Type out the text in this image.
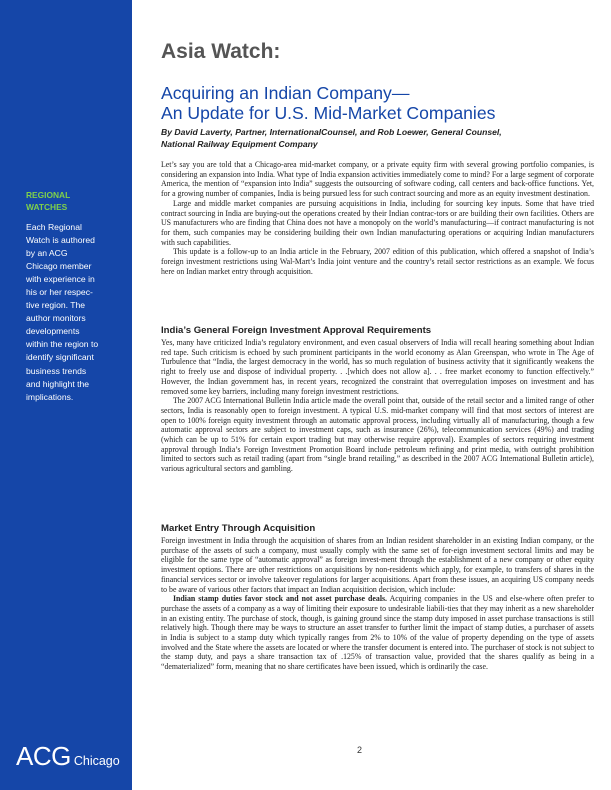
REGIONAL
WATCHES
Each Regional
Watch is authored
by an ACG
Chicago member
with experience in
his or her respec-
tive region. The
author monitors
developments
within the region to
identify significant
business trends
and highlight the
implications.
ACG Chicago
Asia Watch:
Acquiring an Indian Company—
An Update for U.S. Mid-Market Companies
By David Laverty, Partner, InternationalCounsel, and Rob Loewer, General Counsel,
National Railway Equipment Company

Let’s say you are told that a Chicago-area mid-market company, or a private equity firm with several growing portfolio companies, is considering an expansion into India. What type of India expansion activities immediately come to mind? For a large segment of corporate America, the mention of “expansion into India” suggests the outsourcing of software coding, call centers and back-office functions. Yet, for a growing number of companies, India is being pursued less for such contract sourcing and more as an equity investment destination.

Large and middle market companies are pursuing acquisitions in India, including for sourcing key inputs. Some that have tried contract sourcing in India are buying-out the operations created by their Indian contrac-tors or are building their own facilities. Others are US manufacturers who are finding that China does not have a monopoly on the world’s manufacturing—if contract manufacturing is not for them, such companies may be considering building their own Indian manufacturing operations or acquiring Indian manufacturers with such capabilities.

This update is a follow-up to an India article in the February, 2007 edition of this publication, which offered a snapshot of India’s foreign investment restrictions using Wal-Mart’s India joint venture and the country’s retail sector restrictions as an example. We focus here on Indian market entry through acquisition.

India’s General Foreign Investment Approval Requirements

Yes, many have criticized India’s regulatory environment, and even casual observers of India will recall hearing something about Indian red tape. Such criticism is echoed by such prominent participants in the world economy as Alan Greenspan, who wrote in The Age of Turbulence that “India, the largest democracy in the world, has so much regulation of business activity that it significantly weakens the right to freely use and dispose of individual property. . .[which does not allow a]. . . free market economy to function effectively.” However, the Indian government has, in recent years, recognized the constraint that overregulation imposes on investment and has removed some key barriers, including many foreign investment restrictions.

The 2007 ACG International Bulletin India article made the overall point that, outside of the retail sector and a limited range of other sectors, India is reasonably open to foreign investment. A typical U.S. mid-market company will find that most sectors of interest are open to 100% foreign equity investment through an automatic approval process, including virtually all of manufacturing, though a few automatic approval sectors are subject to investment caps, such as insurance (26%), telecommunication services (49%) and trading (which can be up to 51% for certain export trading but may otherwise require approval). Examples of sectors requiring investment approval through India’s Foreign Investment Promotion Board include petroleum refining and print media, with outright prohibition limited to sectors such as retail trading (apart from “single brand retailing,” as described in the 2007 ACG International Bulletin article), various agricultural sectors and gambling.

Market Entry Through Acquisition

Foreign investment in India through the acquisition of shares from an Indian resident shareholder in an existing Indian company, or the purchase of the assets of such a company, must usually comply with the same set of for-eign investment sectoral limits and may be eligible for the same type of “automatic approval” as foreign invest-ment through the establishment of a new company or other equity investment options. There are other restrictions on acquisitions by non-residents which apply, for example, to transfers of shares in the financial services sector or involve takeover regulations for larger acquisitions. Apart from these issues, an acquiring US company needs to be aware of various other factors that impact an Indian acquisition decision, which include:

Indian stamp duties favor stock and not asset purchase deals. Acquiring companies in the US and else-where often prefer to purchase the assets of a company as a way of limiting their exposure to undesirable liabili-ties that they may inherit as a new shareholder in an existing entity. The purchase of stock, though, is gaining ground since the stamp duty imposed in asset purchase transactions is still relatively high. Though there may be ways to structure an asset transfer to further limit the impact of stamp duties, a purchaser of assets in India is subject to a stamp duty which typically ranges from 2% to 10% of the value of property depending on the type of assets involved and the State where the assets are located or where the transfer document is entered into. The purchaser of stock is not subject to the stamp duty, and pays a share transaction tax of .125% of transaction value, provided that the shares qualify as being in a “dematerialized” form, meaning that no share certificates have been issued, which is ordinarily the case.

2
